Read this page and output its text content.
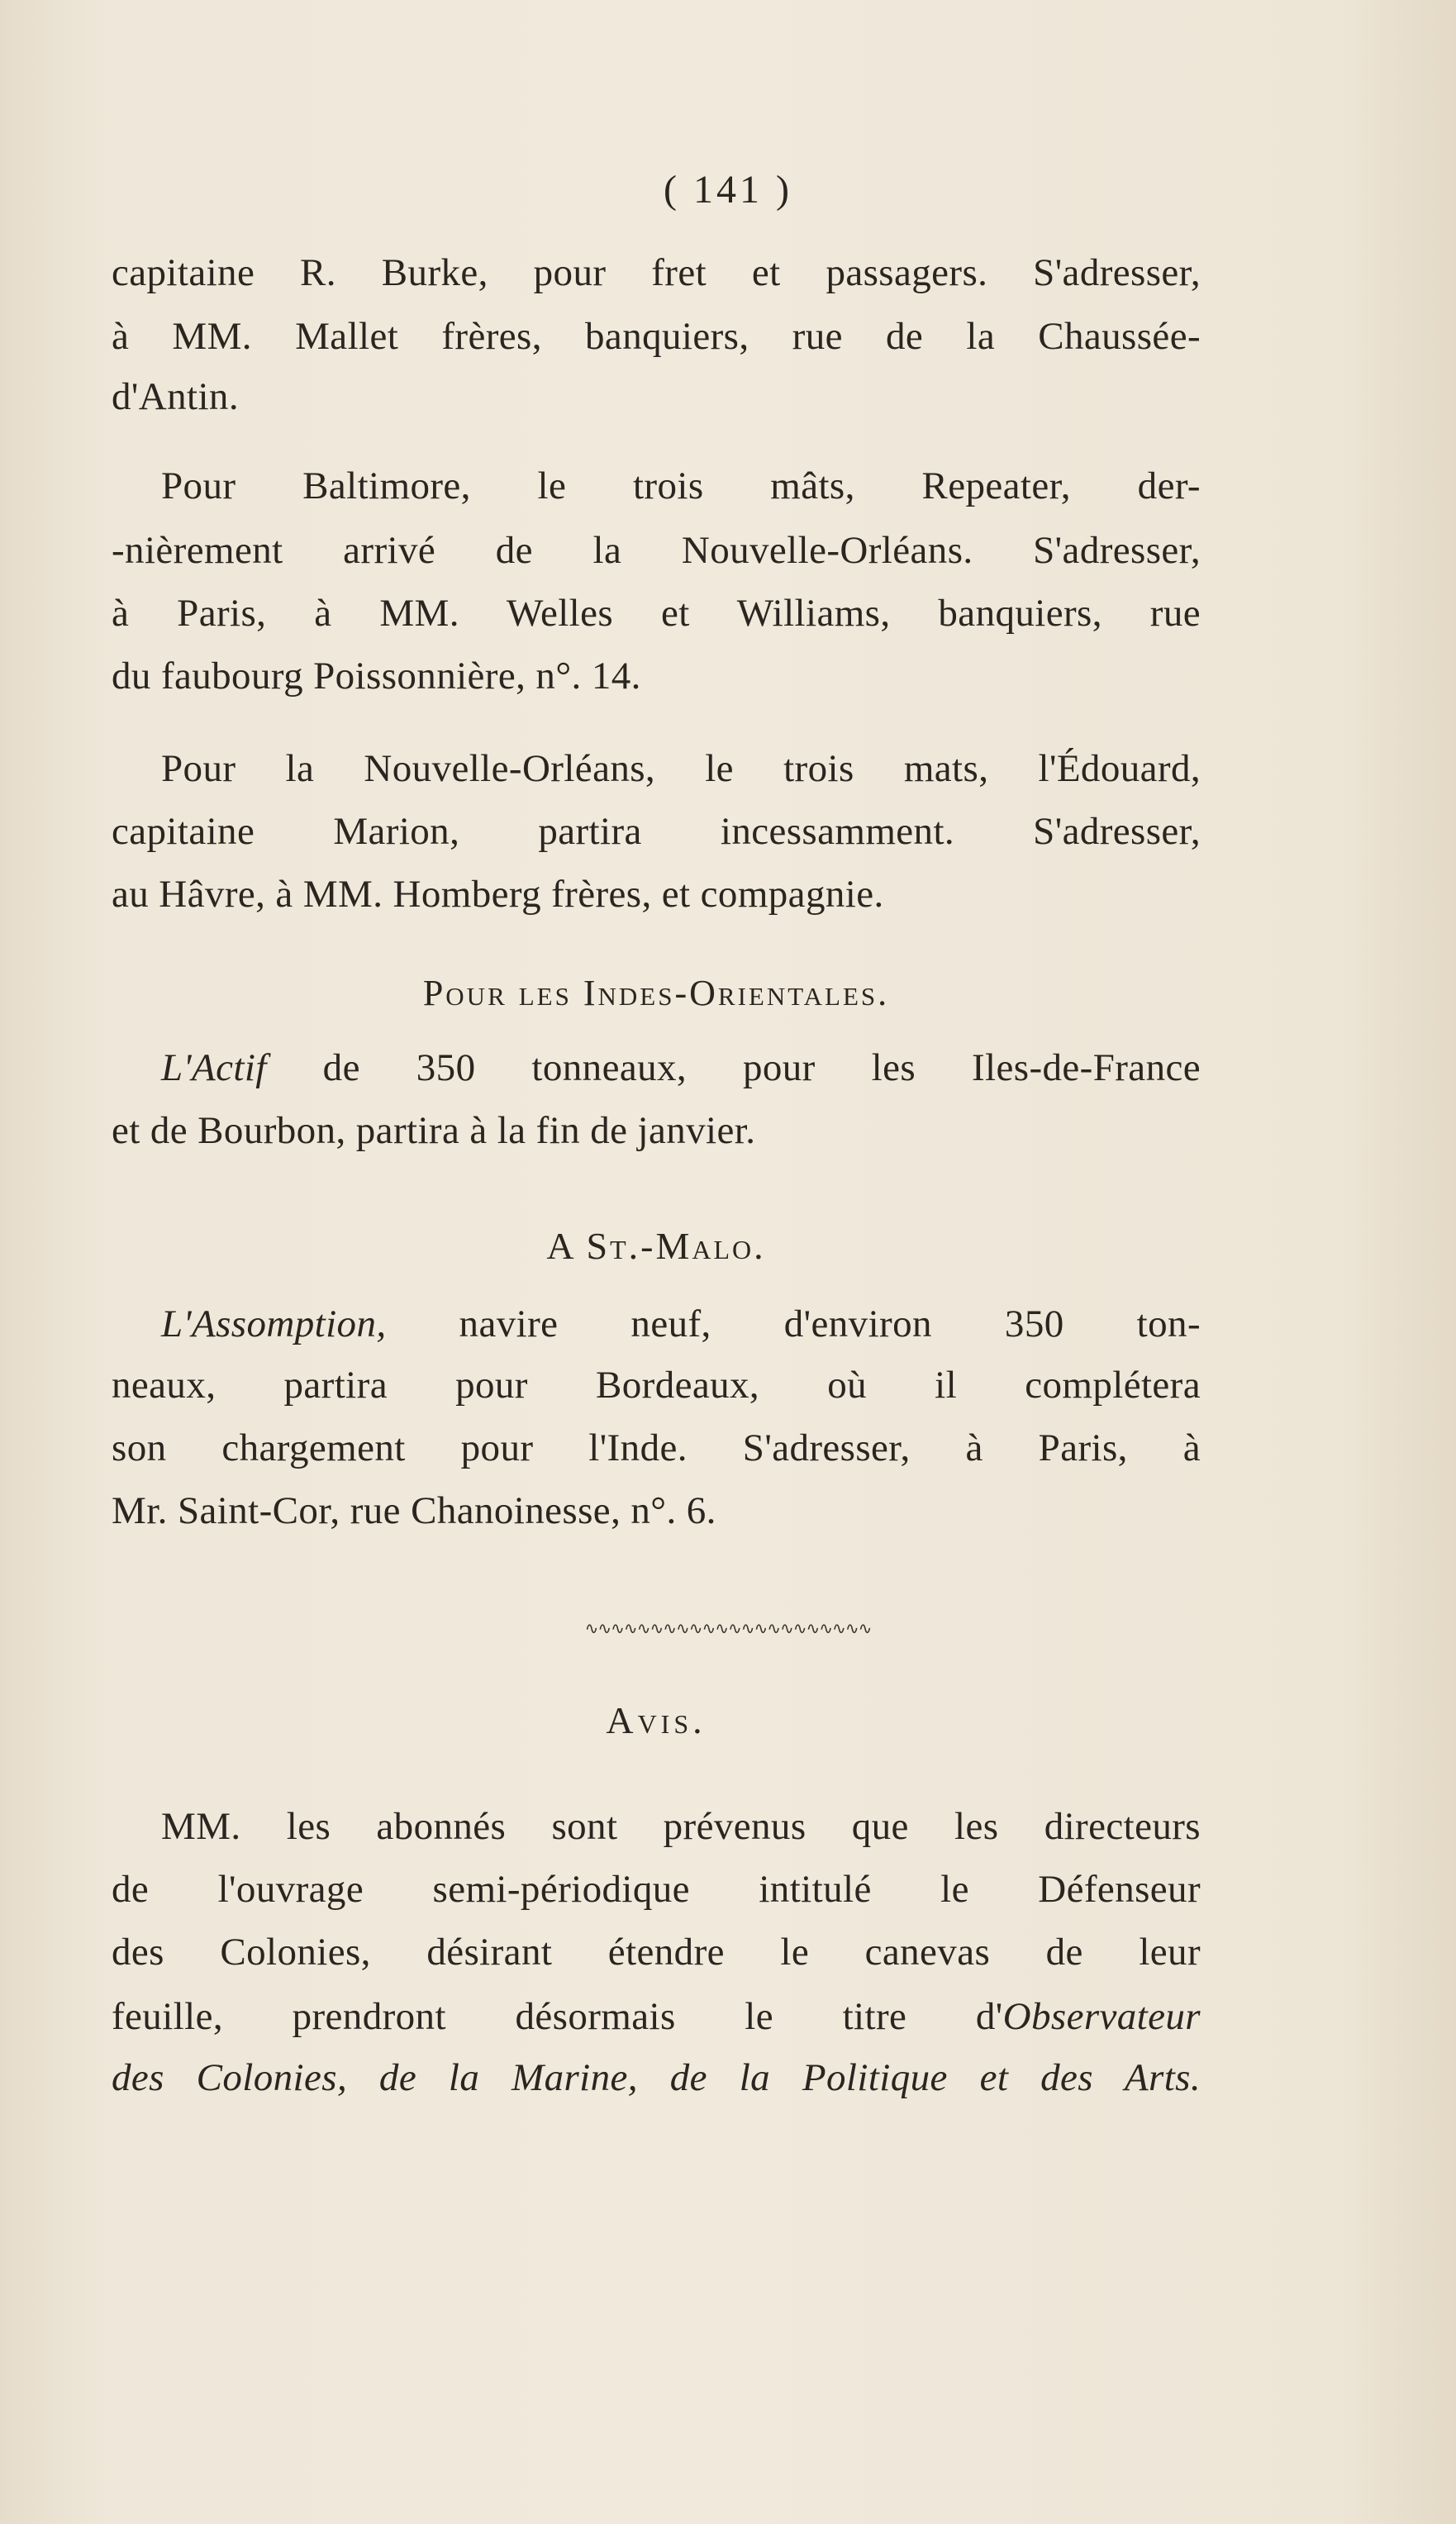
( 141 )
capitaine R. Burke, pour fret et passagers. S'adresser,
à MM. Mallet frères, banquiers, rue de la Chaussée-
d'Antin.
Pour Baltimore, le trois mâts, Repeater, der-
-nièrement arrivé de la Nouvelle-Orléans. S'adresser,
à Paris, à MM. Welles et Williams, banquiers, rue
du faubourg Poissonnière, n°. 14.
Pour la Nouvelle-Orléans, le trois mats, l'Édouard,
capitaine Marion, partira incessamment. S'adresser,
au Hâvre, à MM. Homberg frères, et compagnie.
Pour les Indes-Orientales.
L'Actif de 350 tonneaux, pour les Iles-de-France
et de Bourbon, partira à la fin de janvier.
A St.-Malo.
L'Assomption, navire neuf, d'environ 350 ton-
neaux, partira pour Bordeaux, où il complétera
son chargement pour l'Inde. S'adresser, à Paris, à
Mr. Saint-Cor, rue Chanoinesse, n°. 6.
∿∿∿∿∿∿∿∿∿∿∿∿∿∿∿∿∿∿∿∿∿∿
Avis.
MM. les abonnés sont prévenus que les directeurs
de l'ouvrage semi-périodique intitulé le Défenseur
des Colonies, désirant étendre le canevas de leur
feuille, prendront désormais le titre d'Observateur
des Colonies, de la Marine, de la Politique et des Arts.
